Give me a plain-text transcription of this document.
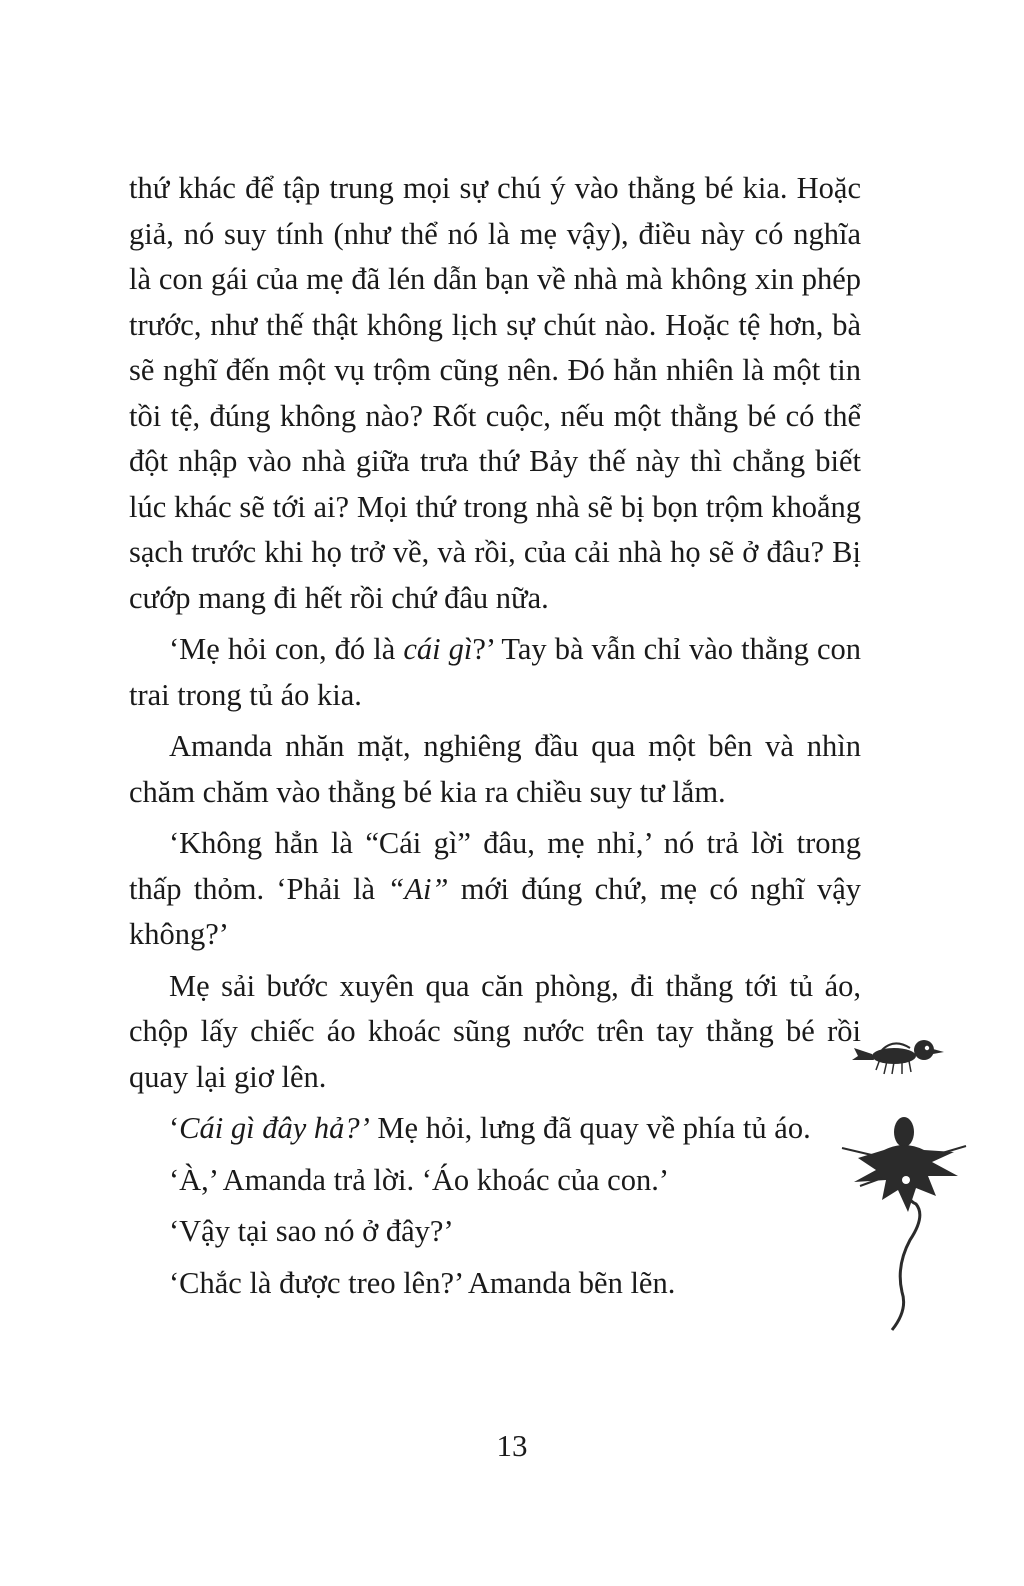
thứ khác để tập trung mọi sự chú ý vào thằng bé kia. Hoặc giả, nó suy tính (như thể nó là mẹ vậy), điều này có nghĩa là con gái của mẹ đã lén dẫn bạn về nhà mà không xin phép trước, như thế thật không lịch sự chút nào. Hoặc tệ hơn, bà sẽ nghĩ đến một vụ trộm cũng nên. Đó hẳn nhiên là một tin tồi tệ, đúng không nào? Rốt cuộc, nếu một thằng bé có thể đột nhập vào nhà giữa trưa thứ Bảy thế này thì chẳng biết lúc khác sẽ tới ai? Mọi thứ trong nhà sẽ bị bọn trộm khoắng sạch trước khi họ trở về, và rồi, của cải nhà họ sẽ ở đâu? Bị cướp mang đi hết rồi chứ đâu nữa.

‘Mẹ hỏi con, đó là cái gì?’ Tay bà vẫn chỉ vào thằng con trai trong tủ áo kia.

Amanda nhăn mặt, nghiêng đầu qua một bên và nhìn chăm chăm vào thằng bé kia ra chiều suy tư lắm.

‘Không hẳn là “Cái gì” đâu, mẹ nhỉ,’ nó trả lời trong thấp thỏm. ‘Phải là “Ai” mới đúng chứ, mẹ có nghĩ vậy không?’

Mẹ sải bước xuyên qua căn phòng, đi thẳng tới tủ áo, chộp lấy chiếc áo khoác sũng nước trên tay thằng bé rồi quay lại giơ lên.

‘Cái gì đây hả?’ Mẹ hỏi, lưng đã quay về phía tủ áo.

‘À,’ Amanda trả lời. ‘Áo khoác của con.’

‘Vậy tại sao nó ở đây?’

‘Chắc là được treo lên?’ Amanda bẽn lẽn.

13
